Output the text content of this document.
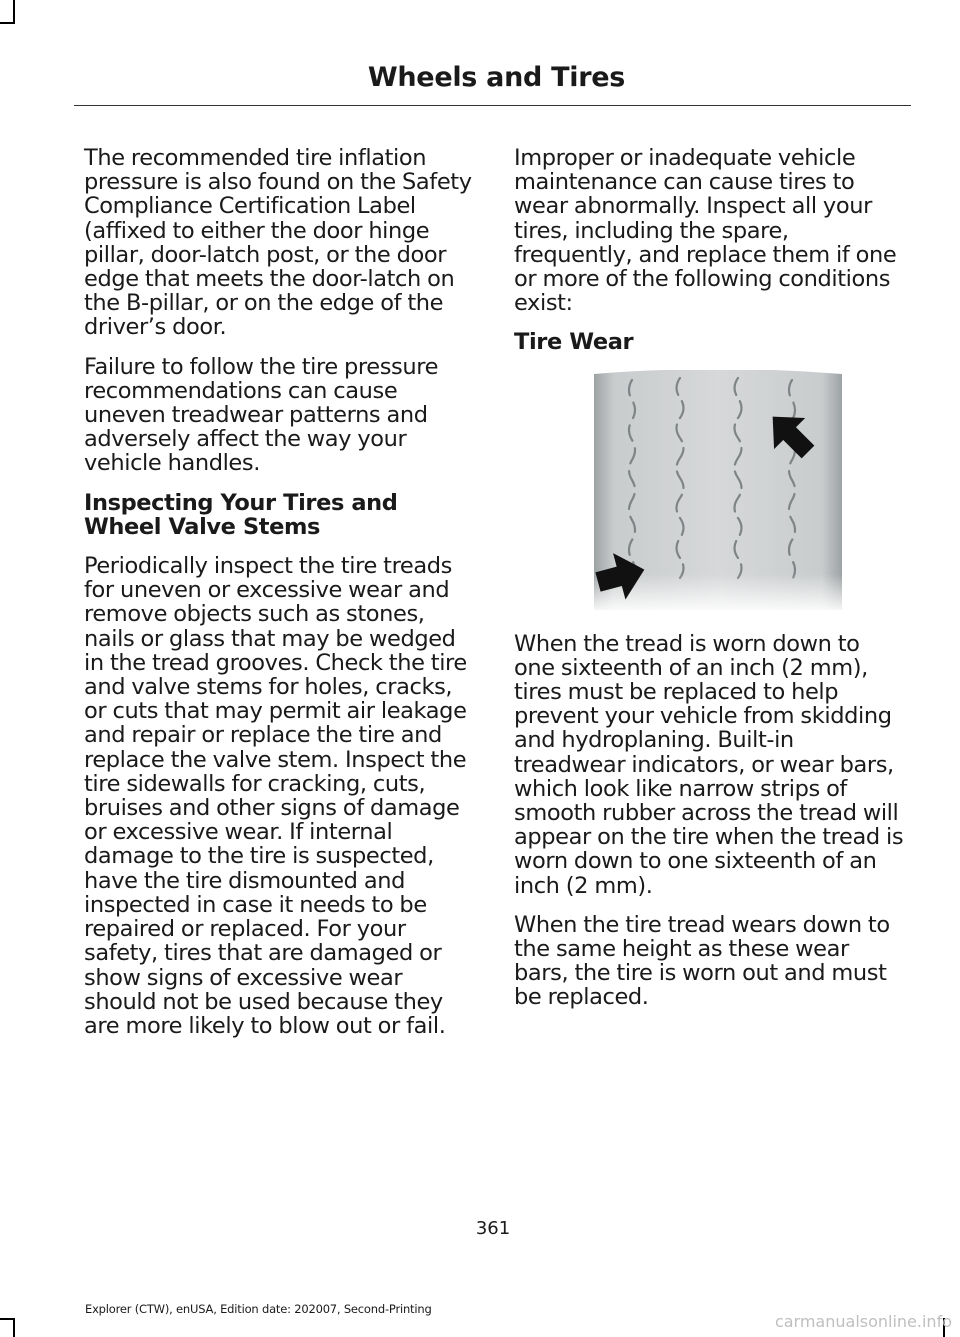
Wheels and Tires

The recommended tire inflation pressure is also found on the Safety Compliance Certification Label (affixed to either the door hinge pillar, door-latch post, or the door edge that meets the door-latch on the B-pillar, or on the edge of the driver’s door.

Failure to follow the tire pressure recommendations can cause uneven treadwear patterns and adversely affect the way your vehicle handles.

Inspecting Your Tires and Wheel Valve Stems

Periodically inspect the tire treads for uneven or excessive wear and remove objects such as stones, nails or glass that may be wedged in the tread grooves. Check the tire and valve stems for holes, cracks, or cuts that may permit air leakage and repair or replace the tire and replace the valve stem. Inspect the tire sidewalls for cracking, cuts, bruises and other signs of damage or excessive wear. If internal damage to the tire is suspected, have the tire dismounted and inspected in case it needs to be repaired or replaced. For your safety, tires that are damaged or show signs of excessive wear should not be used because they are more likely to blow out or fail.

Improper or inadequate vehicle maintenance can cause tires to wear abnormally. Inspect all your tires, including the spare, frequently, and replace them if one or more of the following conditions exist:

Tire Wear

When the tread is worn down to one sixteenth of an inch (2 mm), tires must be replaced to help prevent your vehicle from skidding and hydroplaning. Built-in treadwear indicators, or wear bars, which look like narrow strips of smooth rubber across the tread will appear on the tire when the tread is worn down to one sixteenth of an inch (2 mm).

When the tire tread wears down to the same height as these wear bars, the tire is worn out and must be replaced.

361
Explorer (CTW), enUSA, Edition date: 202007, Second-Printing
carmanualsonline.info
